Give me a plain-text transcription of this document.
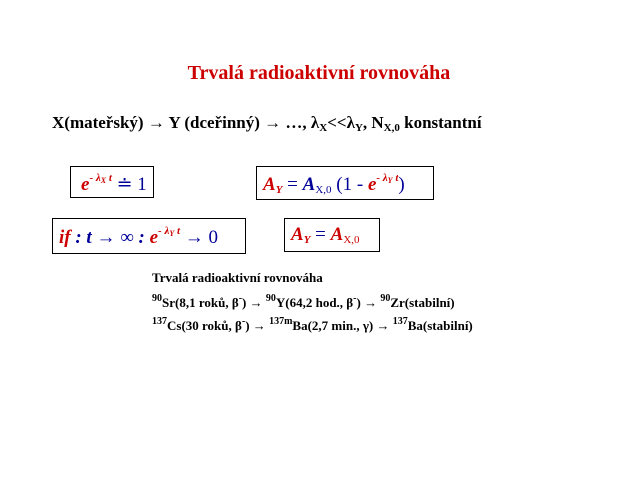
Trvalá radioaktivní rovnováha
X(mateřský) → Y (dceřinný) → …, $\lambda_X<<\lambda_Y$, $N_{X,0}$ konstantní
$e^{- \lambda X t}$ ≐ 1	$A_Y = A_{X,0}$ $(1 - e^{- \lambda Y t})$
if : t → ∞ : $e^{- \lambda Y t} \to 0$	$A_Y = A_{X,0}$
Trvalá radioaktivní rovnováha
$^{90}$Sr(8,1 roků, β-) → $^{90}$Y(64,2 hod., β-) → $^{90}$Zr(stabilní)
$^{137}$Cs(30 roků, β-) → $^{137m}$Ba(2,7 min., γ) → $^{137}$Ba(stabilní)
